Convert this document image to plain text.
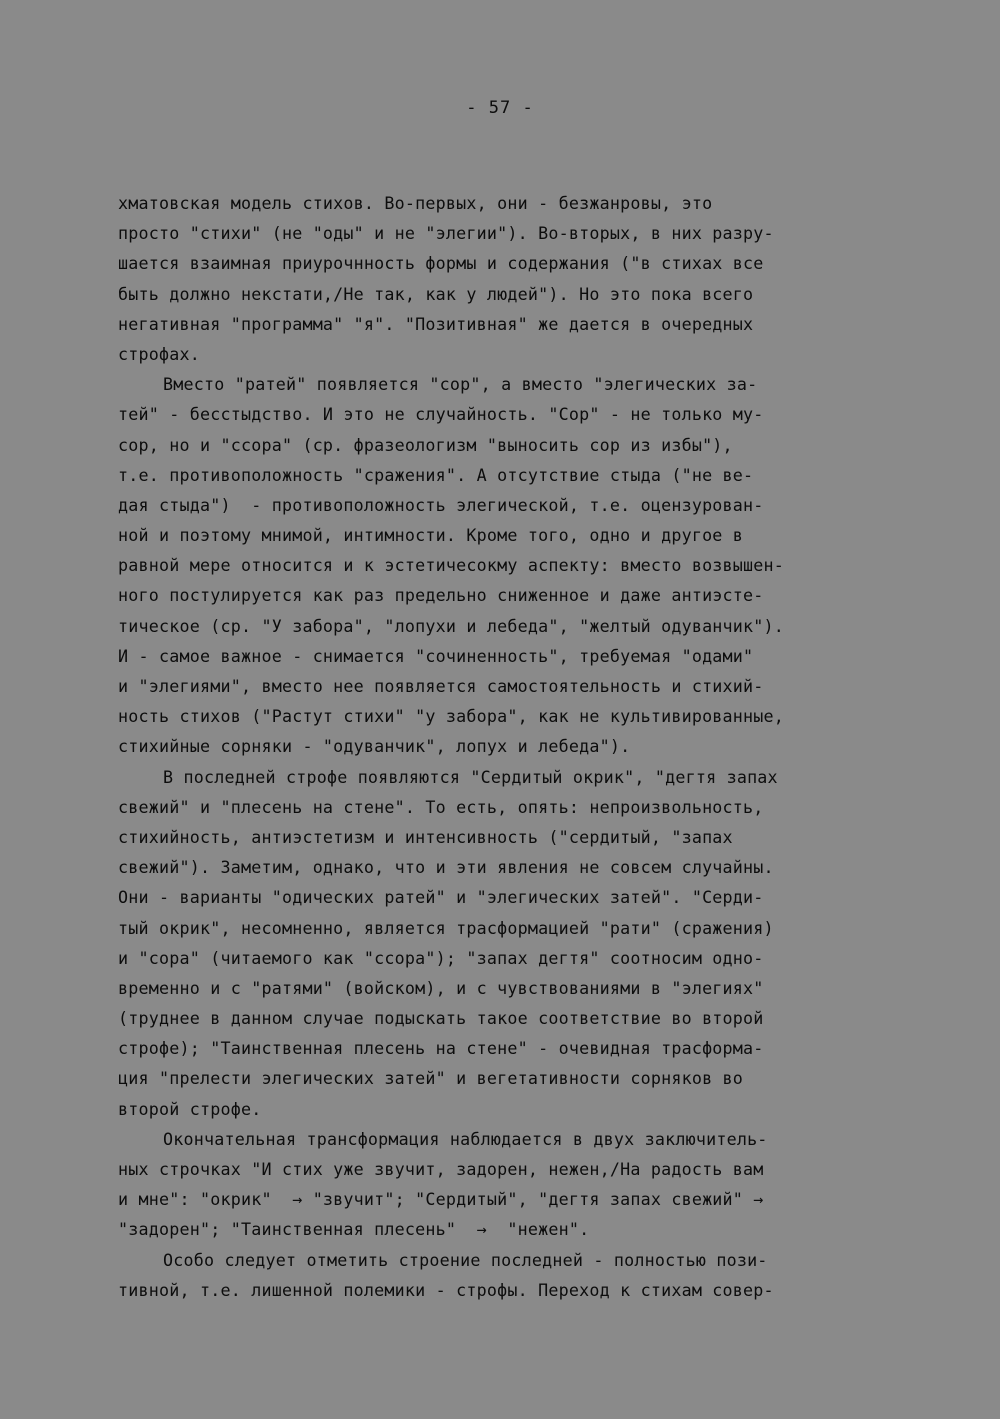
- 57 -
хматовская модель стихов. Во-первых, они - безжанровы, это
просто "стихи" (не "оды" и не "элегии"). Во-вторых, в них разру-
шается взаимная приурочнность формы и содержания ("в стихах все
быть должно некстати,/Не так, как у людей"). Но это пока всего
негативная "программа" "я". "Позитивная" же дается в очередных
строфах.
Вместо "ратей" появляется "сор", а вместо "элегических за-
тей" - бесстыдство. И это не случайность. "Сор" - не только му-
сор, но и "ссора" (ср. фразеологизм "выносить сор из избы"),
т.е. противоположность "сражения". А отсутствие стыда ("не ве-
дая стыда")  - противоположность элегической, т.е. оцензурован-
ной и поэтому мнимой, интимности. Кроме того, одно и другое в
равной мере относится и к эстетичесокму аспекту: вместо возвышен-
ного постулируется как раз предельно сниженное и даже антиэсте-
тическое (ср. "У забора", "лопухи и лебеда", "желтый одуванчик").
И - самое важное - снимается "сочиненность", требуемая "одами"
и "элегиями", вместо нее появляется самостоятельность и стихий-
ность стихов ("Растут стихи" "у забора", как не культивированные,
стихийные сорняки - "одуванчик", лопух и лебеда").
В последней строфе появляются "Сердитый окрик", "дегтя запах
свежий" и "плесень на стене". То есть, опять: непроизвольность,
стихийность, антиэстетизм и интенсивность ("сердитый, "запах
свежий"). Заметим, однако, что и эти явления не совсем случайны.
Они - варианты "одических ратей" и "элегических затей". "Серди-
тый окрик", несомненно, является трасформацией "рати" (сражения)
и "сора" (читаемого как "ссора"); "запах дегтя" соотносим одно-
временно и с "ратями" (войском), и с чувствованиями в "элегиях"
(труднее в данном случае подыскать такое соответствие во второй
строфе); "Таинственная плесень на стене" - очевидная трасформа-
ция "прелести элегических затей" и вегетативности сорняков во
второй строфе.
Окончательная трансформация наблюдается в двух заключитель-
ных строчках "И стих уже звучит, задорен, нежен,/На радость вам
и мне": "окрик"  → "звучит"; "Сердитый", "дегтя запах свежий" →
"задорен"; "Таинственная плесень"  →  "нежен".
Особо следует отметить строение последней - полностью пози-
тивной, т.е. лишенной полемики - строфы. Переход к стихам совер-
